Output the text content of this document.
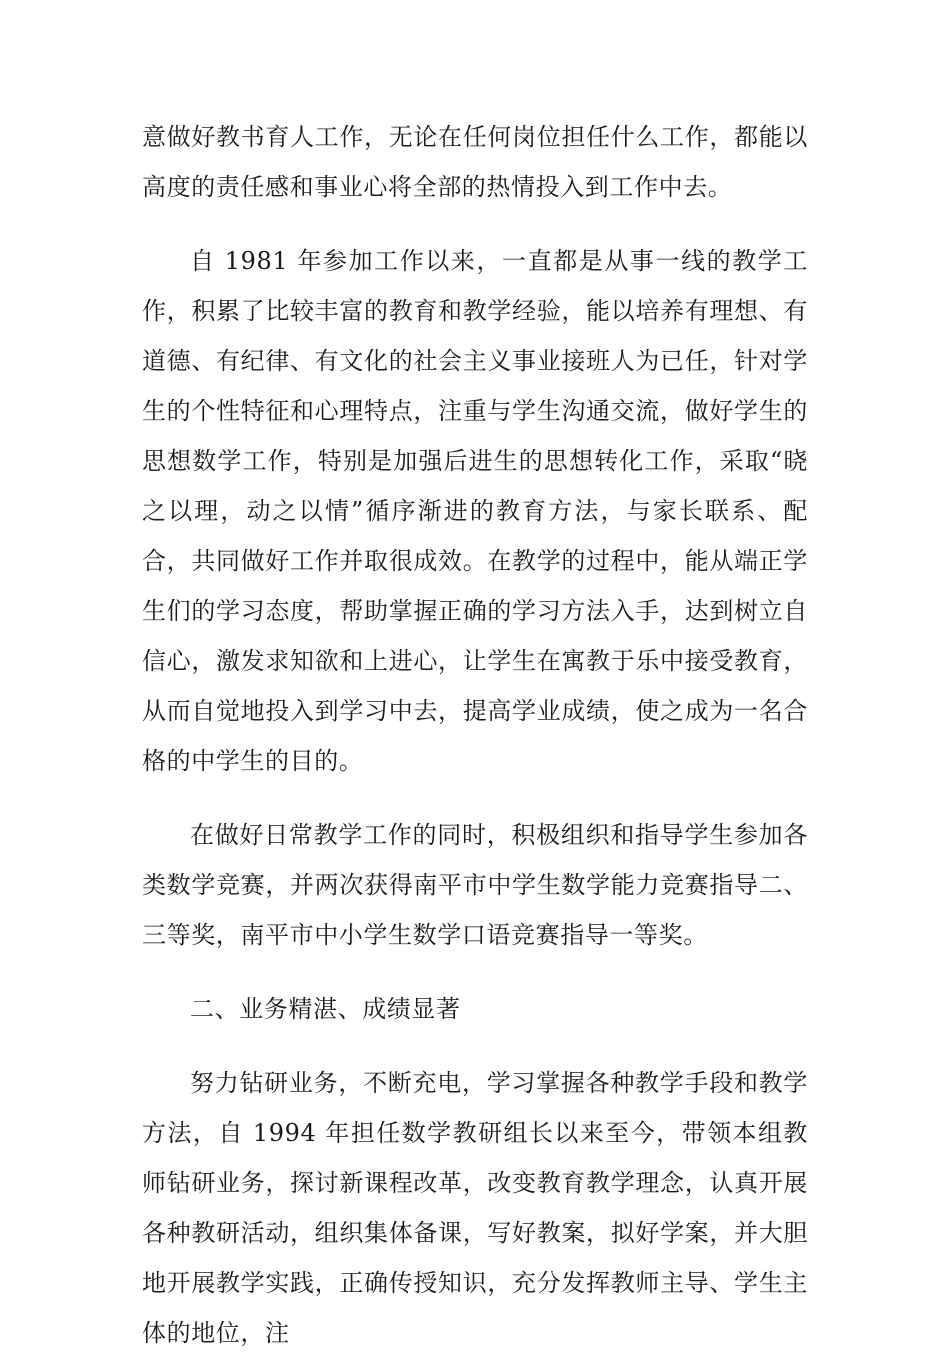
意做好教书育人工作，无论在任何岗位担任什么工作，都能以高度的责任感和事业心将全部的热情投入到工作中去。

自 1981 年参加工作以来，一直都是从事一线的教学工作，积累了比较丰富的教育和教学经验，能以培养有理想、有道德、有纪律、有文化的社会主义事业接班人为已任，针对学生的个性特征和心理特点，注重与学生沟通交流，做好学生的思想数学工作，特别是加强后进生的思想转化工作，采取“晓之以理，动之以情”循序渐进的教育方法，与家长联系、配合，共同做好工作并取很成效。在教学的过程中，能从端正学生们的学习态度，帮助掌握正确的学习方法入手，达到树立自信心，激发求知欲和上进心，让学生在寓教于乐中接受教育，从而自觉地投入到学习中去，提高学业成绩，使之成为一名合格的中学生的目的。

在做好日常教学工作的同时，积极组织和指导学生参加各类数学竞赛，并两次获得南平市中学生数学能力竞赛指导二、三等奖，南平市中小学生数学口语竞赛指导一等奖。

二、业务精湛、成绩显著

努力钻研业务，不断充电，学习掌握各种教学手段和教学方法，自 1994 年担任数学教研组长以来至今，带领本组教师钻研业务，探讨新课程改革，改变教育教学理念，认真开展各种教研活动，组织集体备课，写好教案，拟好学案，并大胆地开展教学实践，正确传授知识，充分发挥教师主导、学生主体的地位，注
